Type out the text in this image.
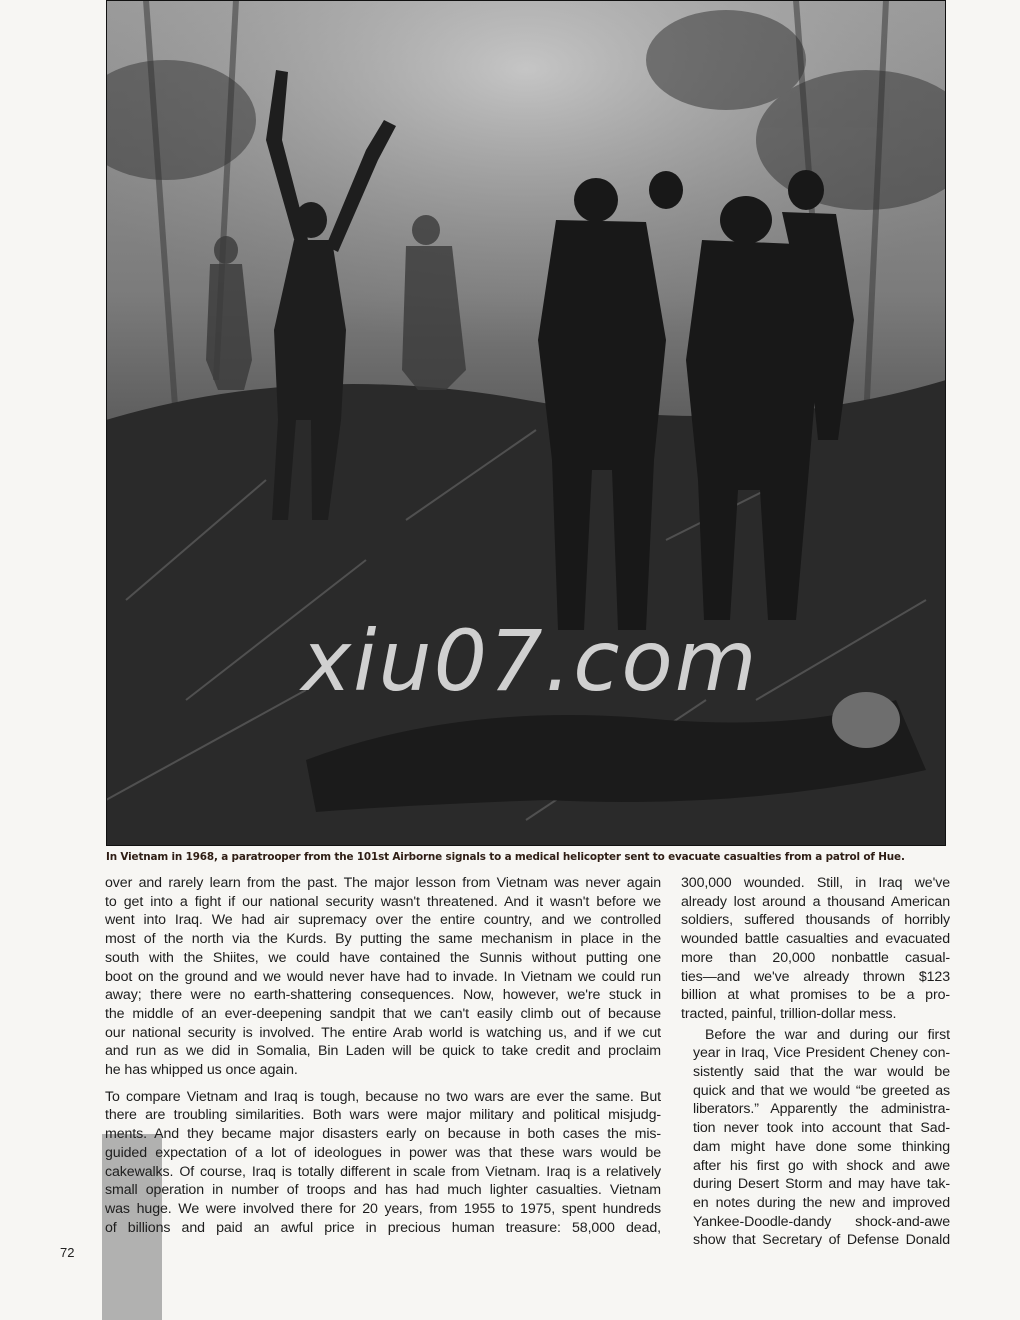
xiu07.com
In Vietnam in 1968, a paratrooper from the 101st Airborne signals to a medical helicopter sent to evacuate casualties from a patrol of Hue.

over and rarely learn from the past. The major lesson from Vietnam was never again
to get into a fight if our national security wasn't threatened. And it wasn't before we
went into Iraq. We had air supremacy over the entire country, and we controlled
most of the north via the Kurds. By putting the same mechanism in place in the
south with the Shiites, we could have contained the Sunnis without putting one
boot on the ground and we would never have had to invade. In Vietnam we could run
away; there were no earth-shattering consequences. Now, however, we're stuck in
the middle of an ever-deepening sandpit that we can't easily climb out of because
our national security is involved. The entire Arab world is watching us, and if we cut
and run as we did in Somalia, Bin Laden will be quick to take credit and proclaim
he has whipped us once again.

To compare Vietnam and Iraq is tough, because no two wars are ever the same. But
there are troubling similarities. Both wars were major military and political misjudg-
ments. And they became major disasters early on because in both cases the mis-
guided expectation of a lot of ideologues in power was that these wars would be
cakewalks. Of course, Iraq is totally different in scale from Vietnam. Iraq is a relatively
small operation in number of troops and has had much lighter casualties. Vietnam
was huge. We were involved there for 20 years, from 1955 to 1975, spent hundreds
of billions and paid an awful price in precious human treasure: 58,000 dead,

300,000 wounded. Still, in Iraq we've
already lost around a thousand American
soldiers, suffered thousands of horribly
wounded battle casualties and evacuated
more than 20,000 nonbattle casual-
ties—and we've already thrown $123
billion at what promises to be a pro-
tracted, painful, trillion-dollar mess.

Before the war and during our first
year in Iraq, Vice President Cheney con-
sistently said that the war would be
quick and that we would “be greeted as
liberators.” Apparently the administra-
tion never took into account that Sad-
dam might have done some thinking
after his first go with shock and awe
during Desert Storm and may have tak-
en notes during the new and improved
Yankee-Doodle-dandy shock-and-awe
show that Secretary of Defense Donald

72
